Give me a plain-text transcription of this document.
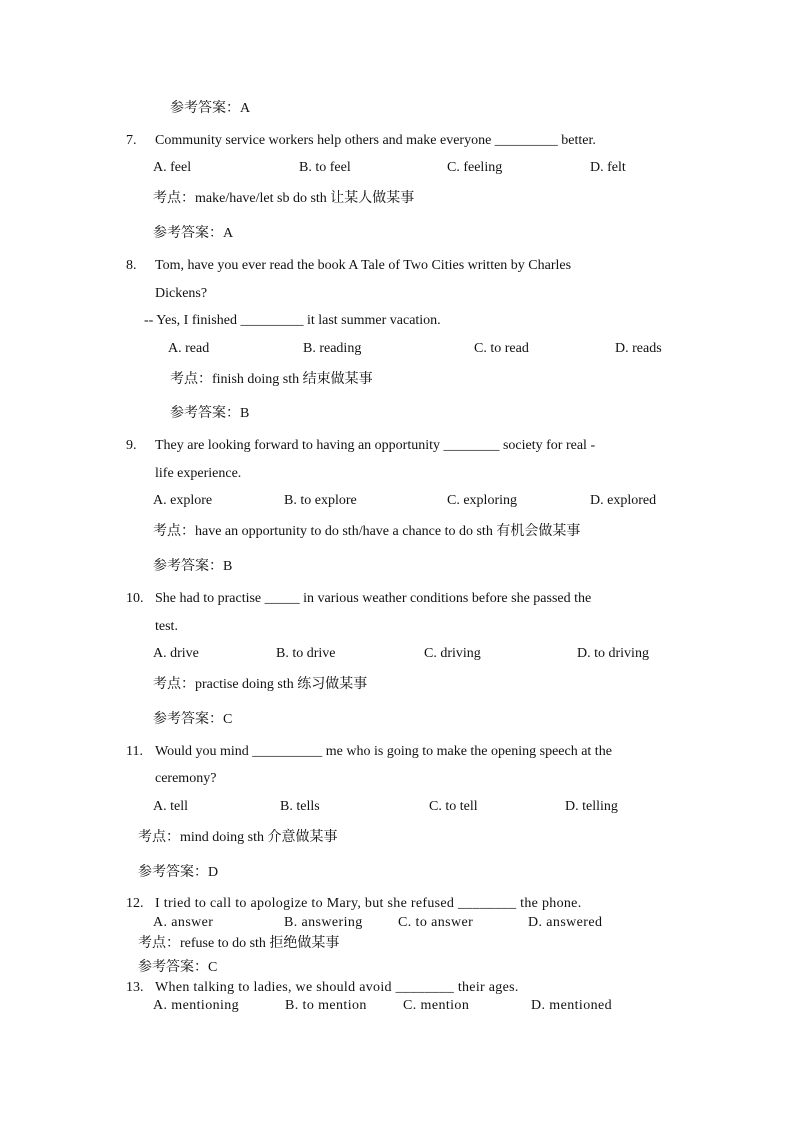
参考答案：A
7. Community service workers help others and make everyone _________ better.
A. feel	B. to feel	C. feeling	D. felt
考点：make/have/let sb do sth 让某人做某事
参考答案：A
8. Tom, have you ever read the book A Tale of Two Cities written by Charles
Dickens?
-- Yes, I finished _________ it last summer vacation.
A. read	B. reading	C. to read	D. reads
考点：finish doing sth 结束做某事
参考答案：B
9. They are looking forward to having an opportunity ________ society for real -
life experience.
A. explore	B. to explore	C. exploring	D. explored
考点：have an opportunity to do sth/have a chance to do sth 有机会做某事
参考答案：B
10. She had to practise _____ in various weather conditions before she passed the
test.
A. drive	B. to drive	C. driving	D. to driving
考点：practise doing sth 练习做某事
参考答案：C
11. Would you mind __________ me who is going to make the opening speech at the
ceremony?
A. tell	B. tells	C. to tell	D. telling
考点：mind doing sth 介意做某事
参考答案：D
12. I tried to call to apologize to Mary, but she refused ________ the phone.
A. answer	B. answering	C. to answer	D. answered
考点：refuse to do sth 拒绝做某事
参考答案：C
13. When talking to ladies, we should avoid ________ their ages.
A. mentioning	B. to mention	C. mention	D. mentioned
